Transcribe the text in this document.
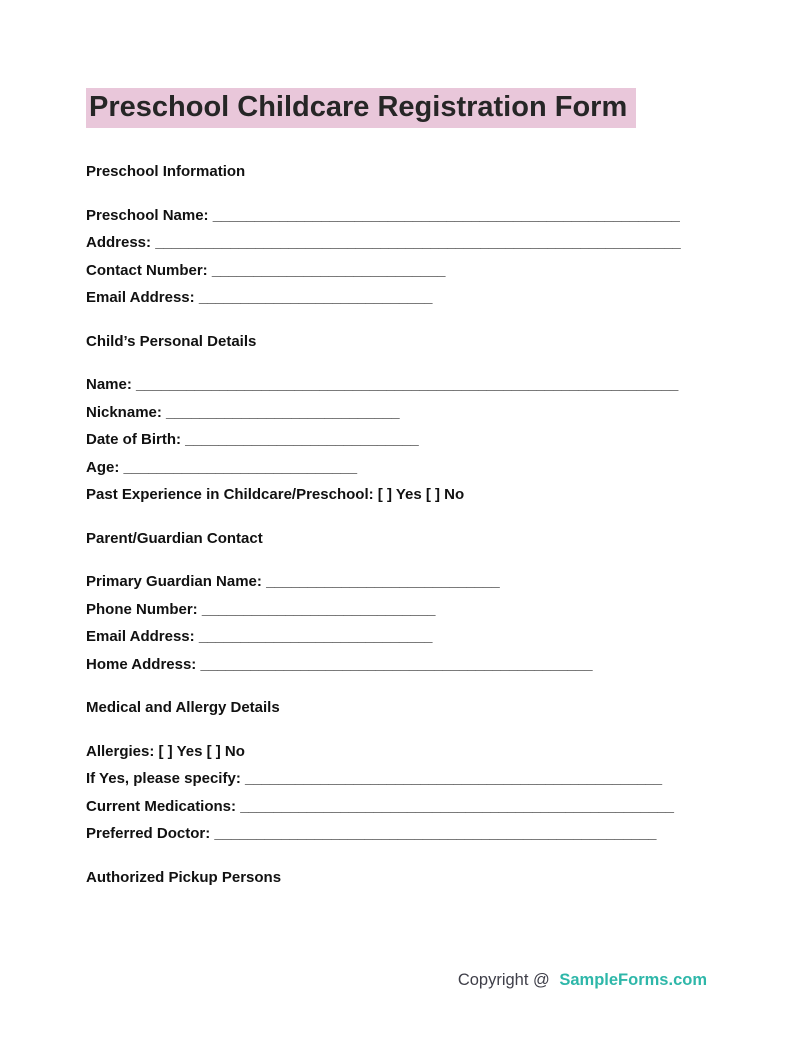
Preschool Childcare Registration Form

Preschool Information

Preschool Name: ________________________________________________________

Address: _______________________________________________________________

Contact Number: ____________________________

Email Address: ____________________________

Child’s Personal Details

Name: _________________________________________________________________

Nickname: ____________________________

Date of Birth: ____________________________

Age: ____________________________

Past Experience in Childcare/Preschool: [ ] Yes [ ] No

Parent/Guardian Contact

Primary Guardian Name: ____________________________

Phone Number: ____________________________

Email Address: ____________________________

Home Address: _______________________________________________

Medical and Allergy Details

Allergies: [ ] Yes [ ] No

If Yes, please specify: __________________________________________________

Current Medications: ____________________________________________________

Preferred Doctor: _____________________________________________________

Authorized Pickup Persons

Copyright @ SampleForms.com
